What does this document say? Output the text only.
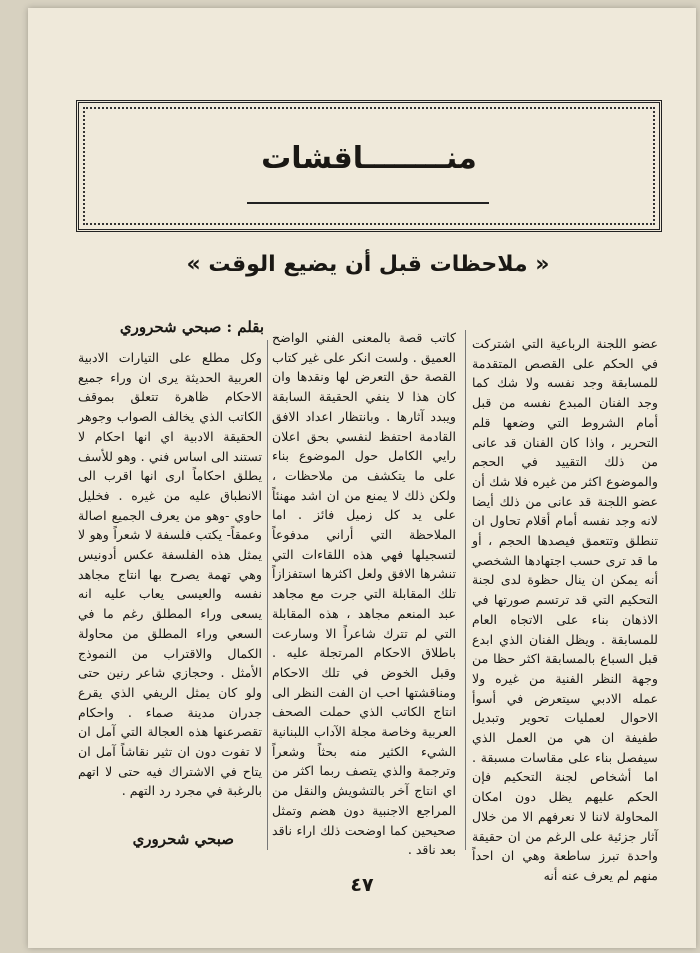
منــــــــاقشات
« ملاحظات قبل أن يضيع الوقت »
بقلم : صبحي شحروري

عضو اللجنة الرباعية التي اشتركت في الحكم على القصص المتقدمة للمسابقة وجد نفسه ولا شك كما وجد الفنان المبدع نفسه من قبل أمام الشروط التي وضعها قلم التحرير ، واذا كان الفنان قد عانى من ذلك التقييد في الحجم والموضوع اكثر من غيره فلا شك أن عضو اللجنة قد عانى من ذلك أيضا لانه وجد نفسه أمام أقلام تحاول ان تنطلق وتتعمق فيصدها الحجم ، أو ما قد ترى حسب اجتهادها الشخصي أنه يمكن ان ينال حظوة لدى لجنة التحكيم التي قد ترتسم صورتها في الاذهان بناء على الاتجاه العام للمسابقة . ويظل الفنان الذي ابدع قبل السباع بالمسابقة اكثر حظا من وجهة النظر الفنية من غيره ولا عمله الادبي سيتعرض في أسوأ الاحوال لعمليات تحوير وتبديل طفيفة ان هي من العمل الذي سيفصل بناء على مقاسات مسبقة . اما أشخاص لجنة التحكيم فإن الحكم عليهم يظل دون امكان المحاولة لاننا لا نعرفهم الا من خلال آثار جزئية على الرغم من ان حقيقة واحدة تبرز ساطعة وهي ان احداً منهم لم يعرف عنه أنه

كاتب قصة بالمعنى الفني الواضح العميق . ولست انكر على غير كتاب القصة حق التعرض لها ونقدها وان كان هذا لا ينفي الحقيقة السابقة ويبدد آثارها . وبانتظار اعداد الافق القادمة احتفظ لنفسي بحق اعلان رايي الكامل حول الموضوع بناء على ما يتكشف من ملاحظات ، ولكن ذلك لا يمنع من ان اشد مهنئاً على يد كل زميل فائز . اما الملاحظة التي أراني مدفوعاً لتسجيلها فهي هذه اللقاءات التي تنشرها الافق ولعل اكثرها استفزازاً تلك المقابلة التي جرت مع مجاهد عبد المنعم مجاهد ، هذه المقابلة التي لم تترك شاعراً الا وسارعت باطلاق الاحكام المرتجلة عليه . وقبل الخوض في تلك الاحكام ومناقشتها احب ان الفت النظر الى انتاج الكاتب الذي حملت الصحف العربية وخاصة مجلة الآداب اللبنانية الشيء الكثير منه بحثاً وشعراً وترجمة والذي يتصف ربما اكثر من اي انتاج آخر بالتشويش والنقل من المراجع الاجنبية دون هضم وتمثل صحيحين كما اوضحت ذلك اراء ناقد بعد ناقد .

وكل مطلع على التيارات الادبية العربية الحديثة يرى ان وراء جميع الاحكام ظاهرة تتعلق بموقف الكاتب الذي يخالف الصواب وجوهر الحقيقة الادبية اي انها احكام لا تستند الى اساس فني . وهو للأسف يطلق احكاماً ارى انها اقرب الى الانطباق عليه من غيره . فخليل حاوي -وهو من يعرف الجميع اصالة وعمقاً- يكتب فلسفة لا شعراً وهو لا يمثل هذه الفلسفة عكس أدونيس وهي تهمة يصرح بها انتاج مجاهد نفسه والعيسى يعاب عليه انه يسعى وراء المطلق رغم ما في السعي وراء المطلق من محاولة الكمال والاقتراب من النموذج الأمثل . وحجازي شاعر رنين حتى ولو كان يمثل الريفي الذي يقرع جدران مدينة صماء . واحكام تقصرعنها هذه العجالة التي آمل ان لا تفوت دون ان تثير نقاشاً آمل ان يتاح في الاشتراك فيه حتى لا اتهم بالرغبة في مجرد رد التهم .

صبحي شحروري
٤٧
